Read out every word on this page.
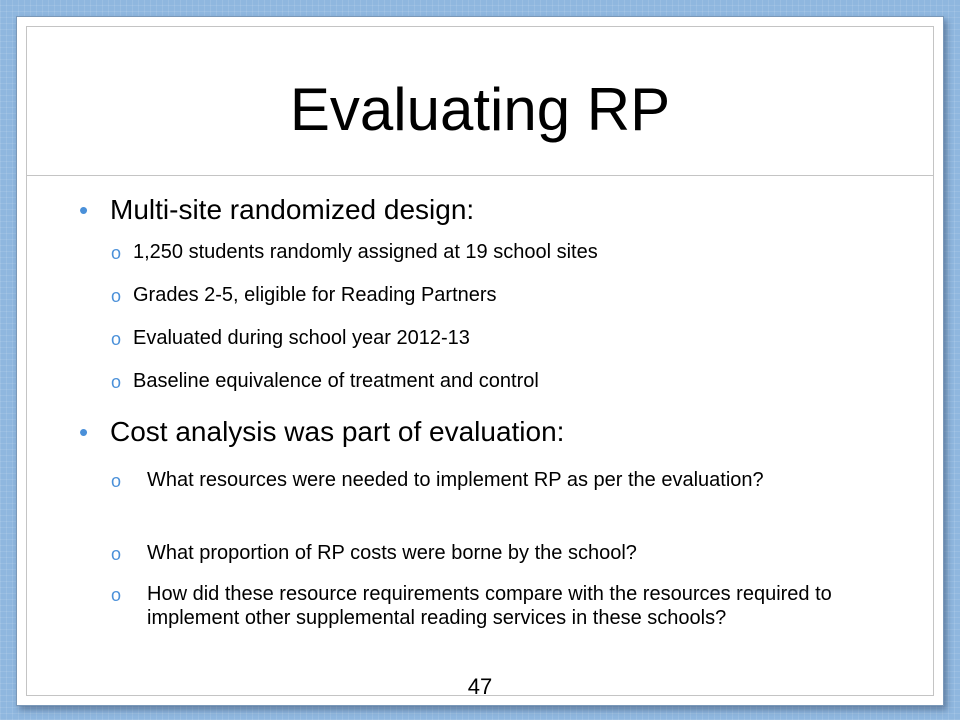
Evaluating RP
• Multi-site randomized design:
o 1,250 students randomly assigned at 19 school sites
o Grades 2-5, eligible for Reading Partners
o Evaluated during school year 2012-13
o Baseline equivalence of treatment and control
• Cost analysis was part of evaluation:
o What resources were needed to implement RP as per the evaluation?
o What proportion of RP costs were borne by the school?
o How did these resource requirements compare with the resources required to implement other supplemental reading services in these schools?
47
